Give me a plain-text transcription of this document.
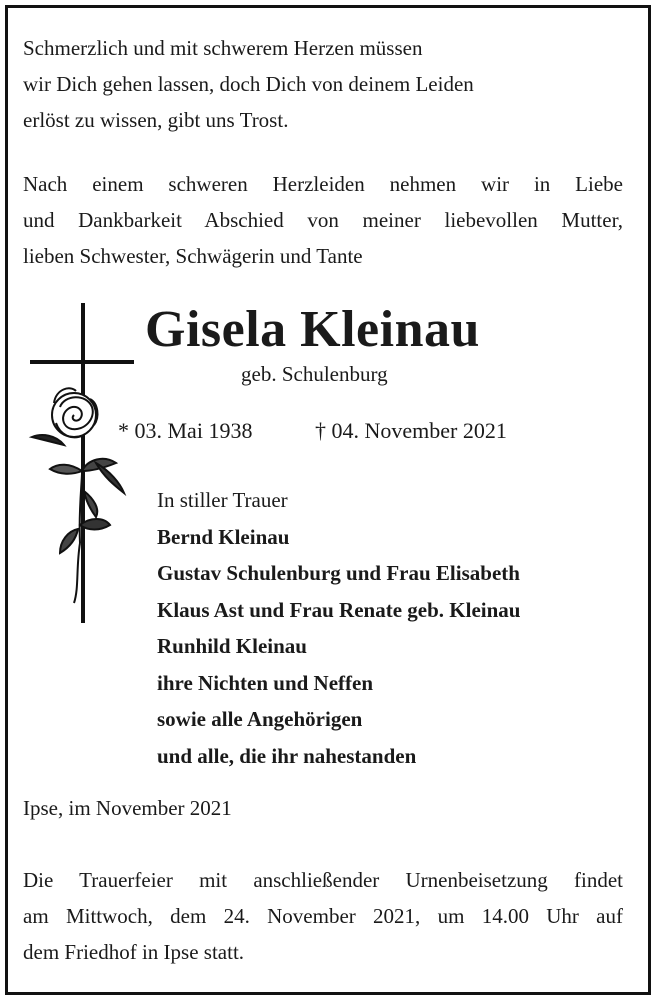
Schmerzlich und mit schwerem Herzen müssen
wir Dich gehen lassen, doch Dich von deinem Leiden
erlöst zu wissen, gibt uns Trost.

Nach einem schweren Herzleiden nehmen wir in Liebe
und Dankbarkeit Abschied von meiner liebevollen Mutter,
lieben Schwester, Schwägerin und Tante

Gisela Kleinau
geb. Schulenburg
* 03. Mai 1938	† 04. November 2021

In stiller Trauer
Bernd Kleinau
Gustav Schulenburg und Frau Elisabeth
Klaus Ast und Frau Renate geb. Kleinau
Runhild Kleinau
ihre Nichten und Neffen
sowie alle Angehörigen
und alle, die ihr nahestanden

Ipse, im November 2021

Die Trauerfeier mit anschließender Urnenbeisetzung findet
am Mittwoch, dem 24. November 2021, um 14.00 Uhr auf
dem Friedhof in Ipse statt.
